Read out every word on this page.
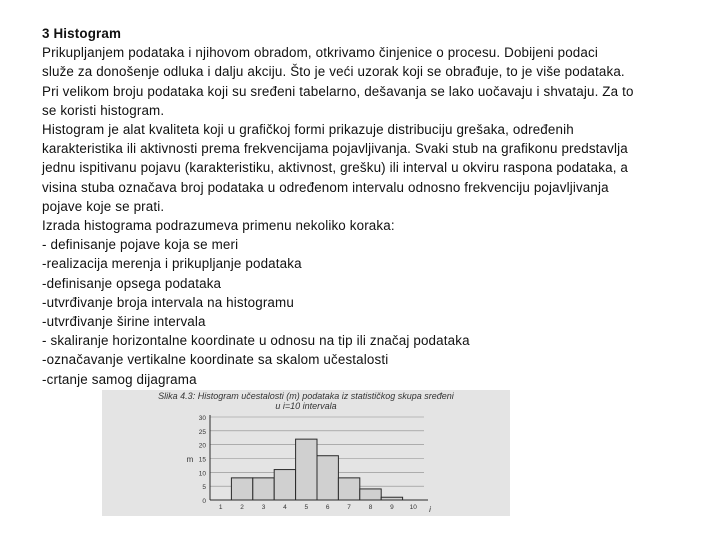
3 Histogram

Prikupljanjem podataka i njihovom obradom, otkrivamo činjenice o procesu. Dobijeni podaci

služe za donošenje odluka i dalju akciju. Što je veći uzorak koji se obrađuje, to je više podataka.

Pri velikom broju podataka koji su sređeni tabelarno, dešavanja se lako uočavaju i shvataju. Za to

se koristi histogram.

Histogram je alat kvaliteta koji u grafičkoj formi prikazuje distribuciju grešaka, određenih

karakteristika ili aktivnosti prema frekvencijama pojavljivanja. Svaki stub na grafikonu predstavlja

jednu ispitivanu pojavu (karakteristiku, aktivnost, grešku) ili interval u okviru raspona podataka, a

visina stuba označava broj podataka u određenom intervalu odnosno frekvenciju pojavljivanja

pojave koje se prati.

Izrada histograma podrazumeva primenu nekoliko koraka:

- definisanje pojave koja se meri

-realizacija merenja i prikupljanje podataka

-definisanje opsega podataka

-utvrđivanje broja intervala na histogramu

-utvrđivanje širine intervala

- skaliranje horizontalne koordinate u odnosu na tip ili značaj podataka

-označavanje vertikalne koordinate sa skalom učestalosti

-crtanje samog dijagrama

Slika 4.3: Histogram učestalosti (m) podataka iz statističkog skupa sređeni
u i=10 intervala
0
5
10
15
20
25
30
1	2	3	4	5	6	7	8	9 10
m
i
